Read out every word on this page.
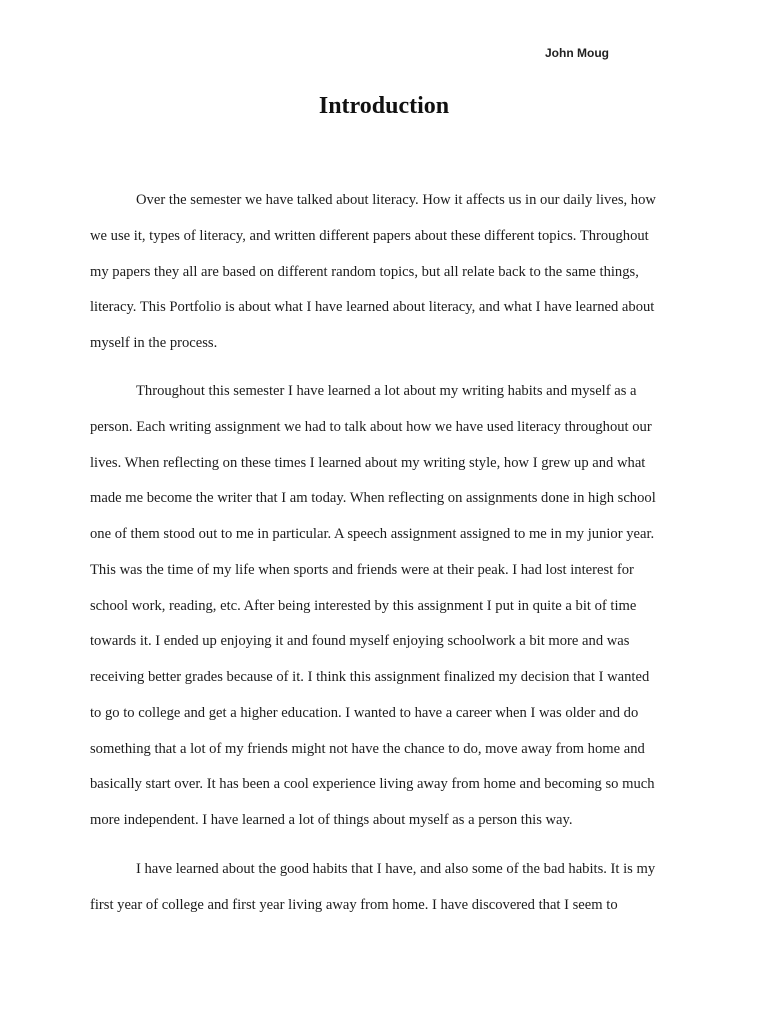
John Moug
Introduction
Over the semester we have talked about literacy. How it affects us in our daily lives, how
we use it, types of literacy, and written different papers about these different topics. Throughout
my papers they all are based on different random topics, but all relate back to the same things,
literacy. This Portfolio is about what I have learned about literacy, and what I have learned about
myself in the process.
Throughout this semester I have learned a lot about my writing habits and myself as a
person. Each writing assignment we had to talk about how we have used literacy throughout our
lives. When reflecting on these times I learned about my writing style, how I grew up and what
made me become the writer that I am today. When reflecting on assignments done in high school
one of them stood out to me in particular. A speech assignment assigned to me in my junior year.
This was the time of my life when sports and friends were at their peak. I had lost interest for
school work, reading, etc. After being interested by this assignment I put in quite a bit of time
towards it. I ended up enjoying it and found myself enjoying schoolwork a bit more and was
receiving better grades because of it. I think this assignment finalized my decision that I wanted
to go to college and get a higher education. I wanted to have a career when I was older and do
something that a lot of my friends might not have the chance to do, move away from home and
basically start over. It has been a cool experience living away from home and becoming so much
more independent. I have learned a lot of things about myself as a person this way.
I have learned about the good habits that I have, and also some of the bad habits. It is my
first year of college and first year living away from home. I have discovered that I seem to
